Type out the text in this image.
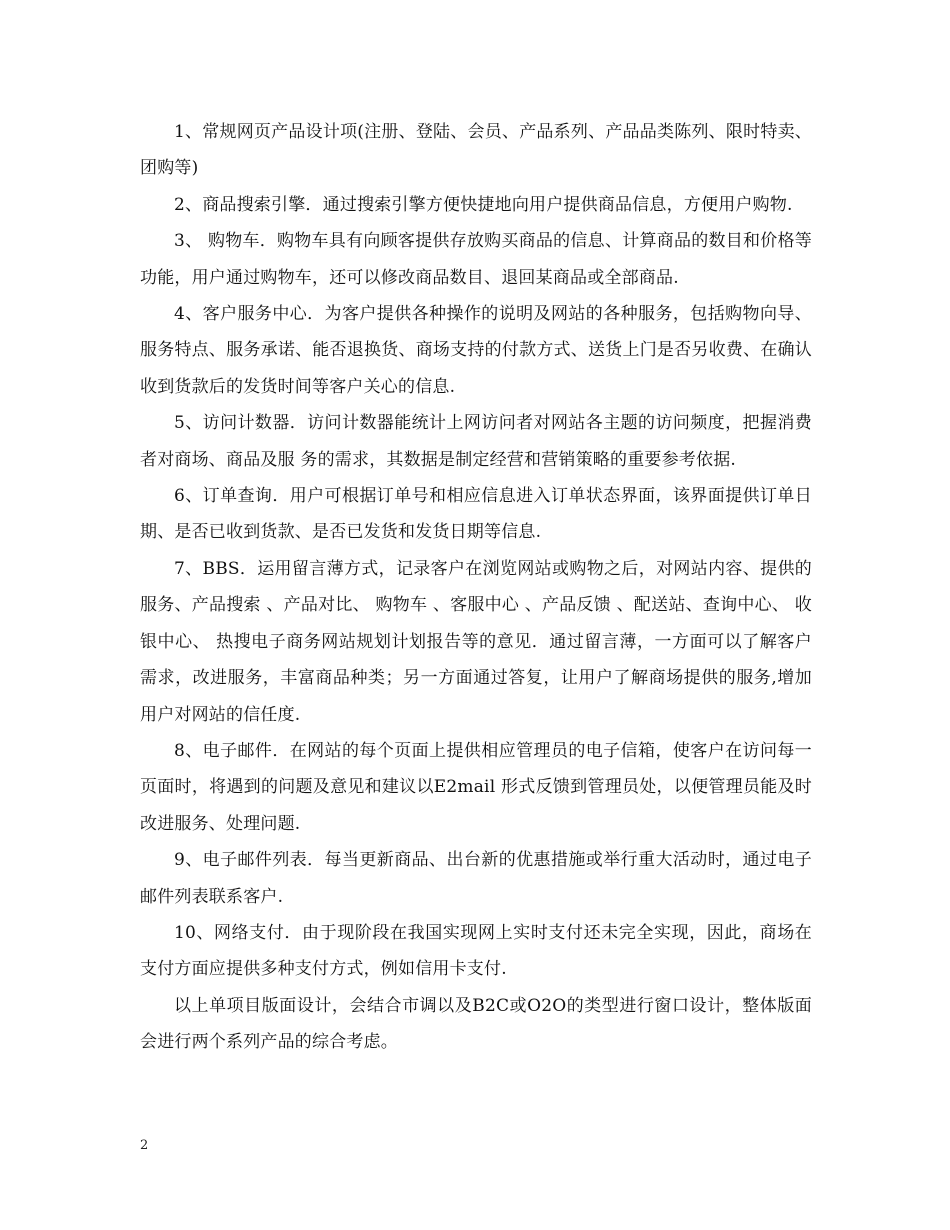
1、常规网页产品设计项(注册、登陆、会员、产品系列、产品品类陈列、限时特卖、团购等)

2、商品搜索引擎．通过搜索引擎方便快捷地向用户提供商品信息，方便用户购物.

3、 购物车．购物车具有向顾客提供存放购买商品的信息、计算商品的数目和价格等功能，用户通过购物车，还可以修改商品数目、退回某商品或全部商品.

4、客户服务中心．为客户提供各种操作的说明及网站的各种服务，包括购物向导、服务特点、服务承诺、能否退换货、商场支持的付款方式、送货上门是否另收费、在确认收到货款后的发货时间等客户关心的信息.

5、访问计数器．访问计数器能统计上网访问者对网站各主题的访问频度，把握消费者对商场、商品及服 务的需求，其数据是制定经营和营销策略的重要参考依据.

6、订单查询．用户可根据订单号和相应信息进入订单状态界面，该界面提供订单日期、是否已收到货款、是否已发货和发货日期等信息.

7、BBS．运用留言薄方式，记录客户在浏览网站或购物之后，对网站内容、提供的服务、产品搜索 、产品对比、 购物车 、客服中心 、产品反馈 、配送站、查询中心、 收银中心、 热搜电子商务网站规划计划报告等的意见．通过留言薄，一方面可以了解客户需求，改进服务，丰富商品种类；另一方面通过答复，让用户了解商场提供的服务,增加用户对网站的信任度.

8、电子邮件．在网站的每个页面上提供相应管理员的电子信箱，使客户在访问每一页面时，将遇到的问题及意见和建议以E2mail 形式反馈到管理员处，以便管理员能及时改进服务、处理问题.

9、电子邮件列表．每当更新商品、出台新的优惠措施或举行重大活动时，通过电子邮件列表联系客户.

10、网络支付．由于现阶段在我国实现网上实时支付还未完全实现，因此，商场在支付方面应提供多种支付方式，例如信用卡支付.

以上单项目版面设计，会结合市调以及B2C或O2O的类型进行窗口设计，整体版面会进行两个系列产品的综合考虑。

2
